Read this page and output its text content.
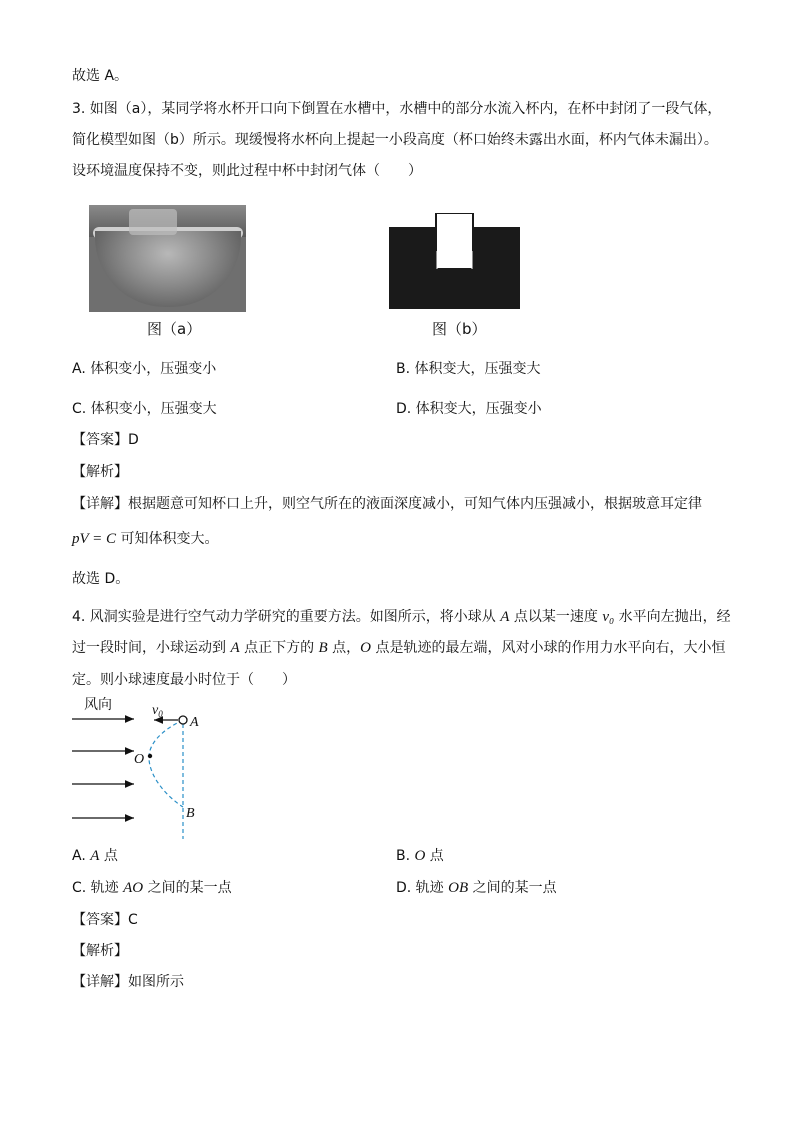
故选 A。
3. 如图（a），某同学将水杯开口向下倒置在水槽中，水槽中的部分水流入杯内，在杯中封闭了一段气体，
简化模型如图（b）所示。现缓慢将水杯向上提起一小段高度（杯口始终未露出水面，杯内气体未漏出）。
设环境温度保持不变，则此过程中杯中封闭气体（　　）
图（a）	图（b）
A. 体积变小，压强变小	B. 体积变大，压强变大
C. 体积变小，压强变大	D. 体积变大，压强变小
【答案】D
【解析】
【详解】根据题意可知杯口上升，则空气所在的液面深度减小，可知气体内压强减小，根据玻意耳定律
pV = C 可知体积变大。
故选 D。
4. 风洞实验是进行空气动力学研究的重要方法。如图所示，将小球从 A 点以某一速度 v₀ 水平向左抛出，经
过一段时间，小球运动到 A 点正下方的 B 点，O 点是轨迹的最左端，风对小球的作用力水平向右，大小恒
定。则小球速度最小时位于（　　）
风向	$v_0$
A
O
B
A. A 点	B. O 点
C. 轨迹 AO 之间的某一点	D. 轨迹 OB 之间的某一点
【答案】C
【解析】
【详解】如图所示
